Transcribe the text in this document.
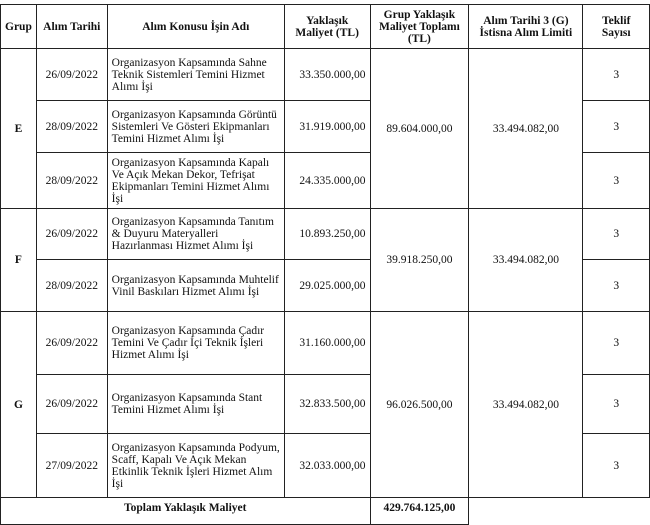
Grup	Alım Tarihi	Alım Konusu İşin Adı	Yaklaşık Maliyet (TL)	Grup Yaklaşık Maliyet Toplamı (TL)	Alım Tarihi 3 (G) İstisna Alım Limiti	Teklif Sayısı
E	26/09/2022	Organizasyon Kapsamında Sahne Teknik Sistemleri Temini Hizmet Alımı İşi	33.350.000,00	89.604.000,00	33.494.082,00	3
	28/09/2022	Organizasyon Kapsamında Görüntü Sistemleri Ve Gösteri Ekipmanları Temini Hizmet Alımı İşi	31.919.000,00			3
	28/09/2022	Organizasyon Kapsamında Kapalı Ve Açık Mekan Dekor, Tefrişat Ekipmanları Temini Hizmet Alımı İşi	24.335.000,00			3
F	26/09/2022	Organizasyon Kapsamında Tanıtım & Duyuru Materyalleri Hazırlanması Hizmet Alımı İşi	10.893.250,00	39.918.250,00	33.494.082,00	3
	28/09/2022	Organizasyon Kapsamında Muhtelif Vinil Baskıları Hizmet Alımı İşi	29.025.000,00			3
G	26/09/2022	Organizasyon Kapsamında Çadır Temini Ve Çadır İçi Teknik İşleri Hizmet Alımı İşi	31.160.000,00	96.026.500,00	33.494.082,00	3
	26/09/2022	Organizasyon Kapsamında Stant Temini Hizmet Alımı İşi	32.833.500,00			3
	27/09/2022	Organizasyon Kapsamında Podyum, Scaff, Kapalı Ve Açık Mekan Etkinlik Teknik İşleri Hizmet Alım İşi	32.033.000,00			3
Toplam Yaklaşık Maliyet				429.764.125,00		
